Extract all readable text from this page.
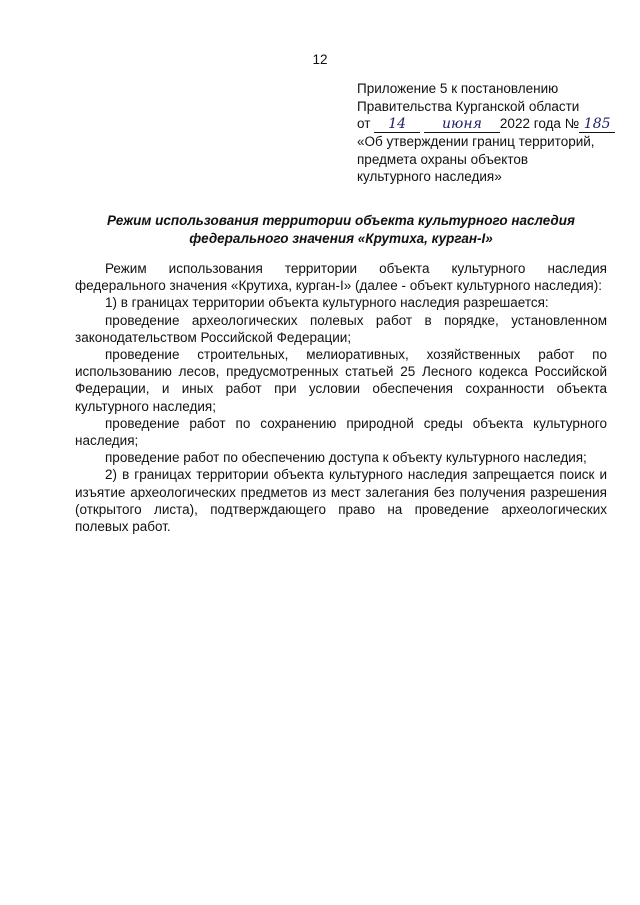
12
Приложение 5 к постановлению
Правительства Курганской области
от 14	июня 2022 года № 185
«Об утверждении границ территорий,
предмета охраны объектов
культурного наследия»
Режим использования территории объекта культурного наследия
федерального значения «Крутиха, курган-I»

Режим использования территории объекта культурного наследия федерального значения «Крутиха, курган-I» (далее - объект культурного наследия):

1) в границах территории объекта культурного наследия разрешается:

проведение археологических полевых работ в порядке, установленном законодательством Российской Федерации;

проведение строительных, мелиоративных, хозяйственных работ по использованию лесов, предусмотренных статьей 25 Лесного кодекса Российской Федерации, и иных работ при условии обеспечения сохранности объекта культурного наследия;

проведение работ по сохранению природной среды объекта культурного наследия;

проведение работ по обеспечению доступа к объекту культурного наследия;

2) в границах территории объекта культурного наследия запрещается поиск и изъятие археологических предметов из мест залегания без получения разрешения (открытого листа), подтверждающего право на проведение археологических полевых работ.
